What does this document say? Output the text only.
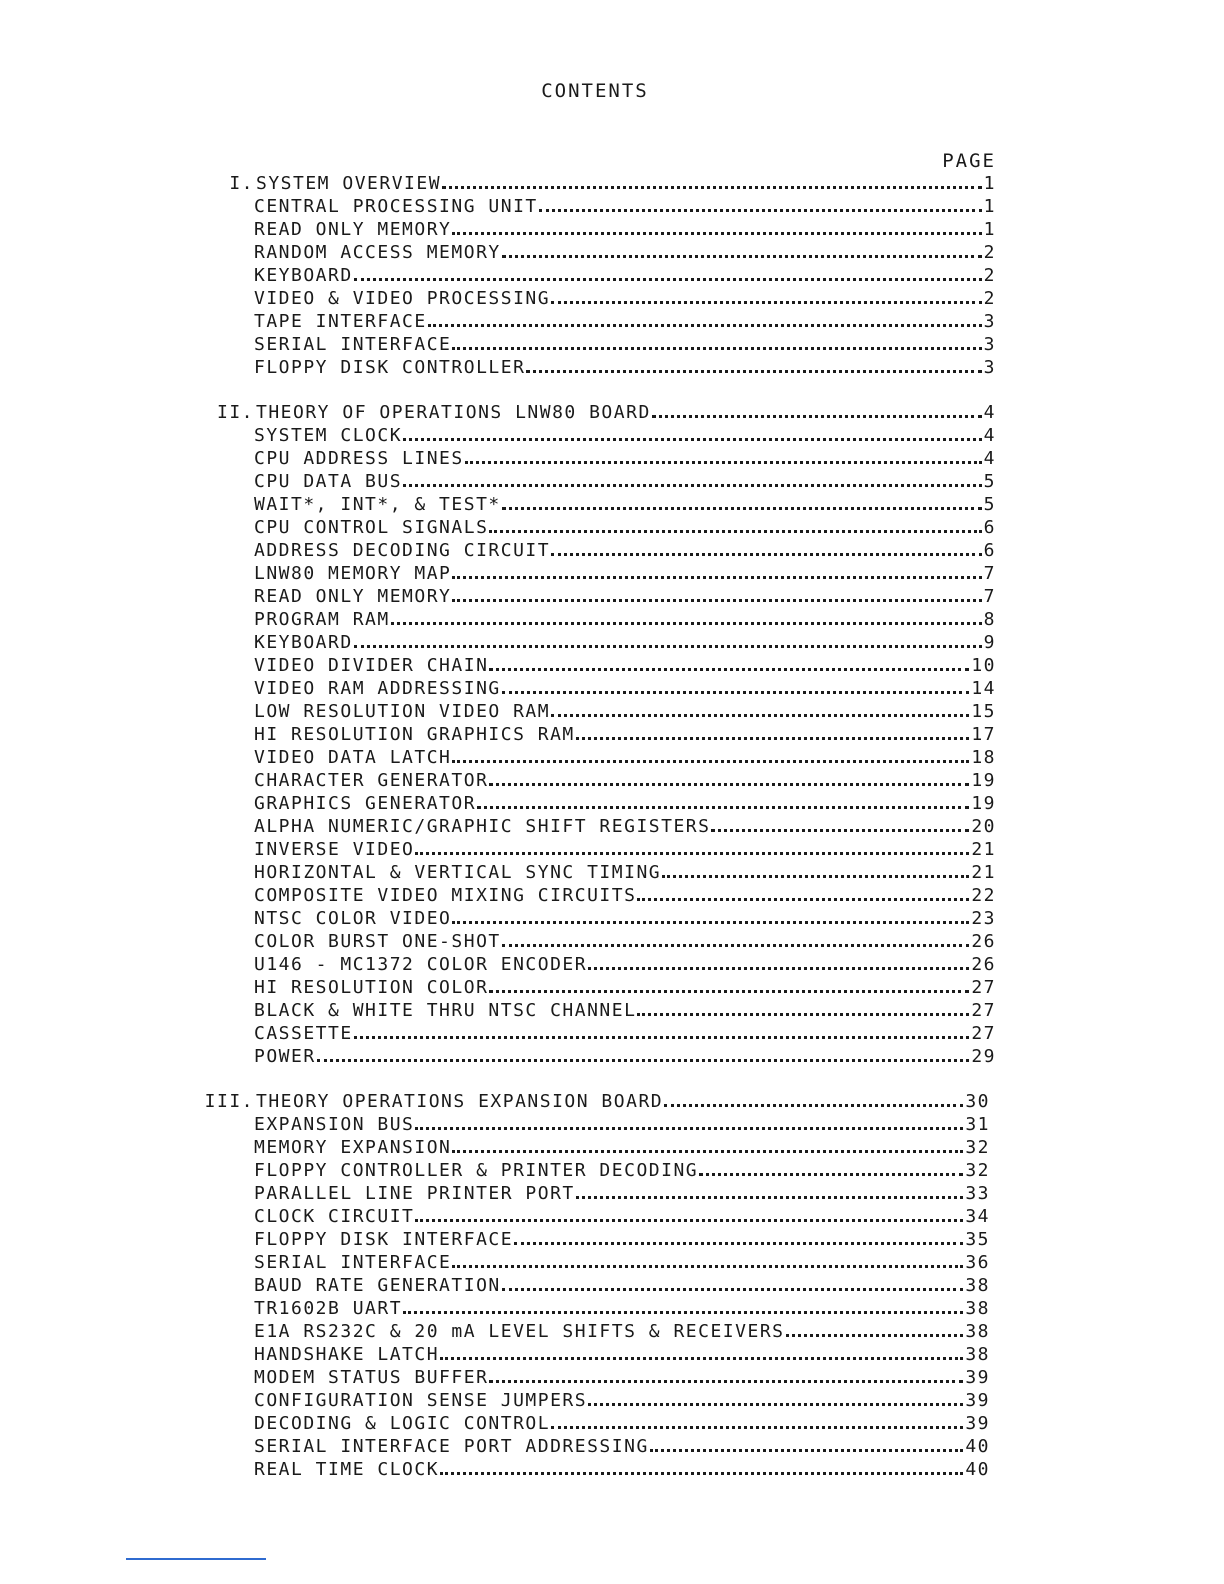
CONTENTS
PAGE
I. SYSTEM OVERVIEW	1
CENTRAL PROCESSING UNIT	1
READ ONLY MEMORY	1
RANDOM ACCESS MEMORY	2
KEYBOARD	2
VIDEO & VIDEO PROCESSING	2
TAPE INTERFACE	3
SERIAL INTERFACE	3
FLOPPY DISK CONTROLLER	3
II. THEORY OF OPERATIONS LNW80 BOARD	4
SYSTEM CLOCK	4
CPU ADDRESS LINES	4
CPU DATA BUS	5
WAIT*, INT*, & TEST*	5
CPU CONTROL SIGNALS	6
ADDRESS DECODING CIRCUIT	6
LNW80 MEMORY MAP	7
READ ONLY MEMORY	7
PROGRAM RAM	8
KEYBOARD	9
VIDEO DIVIDER CHAIN	10
VIDEO RAM ADDRESSING	14
LOW RESOLUTION VIDEO RAM	15
HI RESOLUTION GRAPHICS RAM	17
VIDEO DATA LATCH	18
CHARACTER GENERATOR	19
GRAPHICS GENERATOR	19
ALPHA NUMERIC/GRAPHIC SHIFT REGISTERS	20
INVERSE VIDEO	21
HORIZONTAL & VERTICAL SYNC TIMING	21
COMPOSITE VIDEO MIXING CIRCUITS	22
NTSC COLOR VIDEO	23
COLOR BURST ONE-SHOT	26
U146 - MC1372 COLOR ENCODER	26
HI RESOLUTION COLOR	27
BLACK & WHITE THRU NTSC CHANNEL	27
CASSETTE	27
POWER	29
III. THEORY OPERATIONS EXPANSION BOARD	30
EXPANSION BUS	31
MEMORY EXPANSION	32
FLOPPY CONTROLLER & PRINTER DECODING	32
PARALLEL LINE PRINTER PORT	33
CLOCK CIRCUIT	34
FLOPPY DISK INTERFACE	35
SERIAL INTERFACE	36
BAUD RATE GENERATION	38
TR1602B UART	38
E1A RS232C & 20 mA LEVEL SHIFTS & RECEIVERS	38
HANDSHAKE LATCH	38
MODEM STATUS BUFFER	39
CONFIGURATION SENSE JUMPERS	39
DECODING & LOGIC CONTROL	39
SERIAL INTERFACE PORT ADDRESSING	40
REAL TIME CLOCK	40
